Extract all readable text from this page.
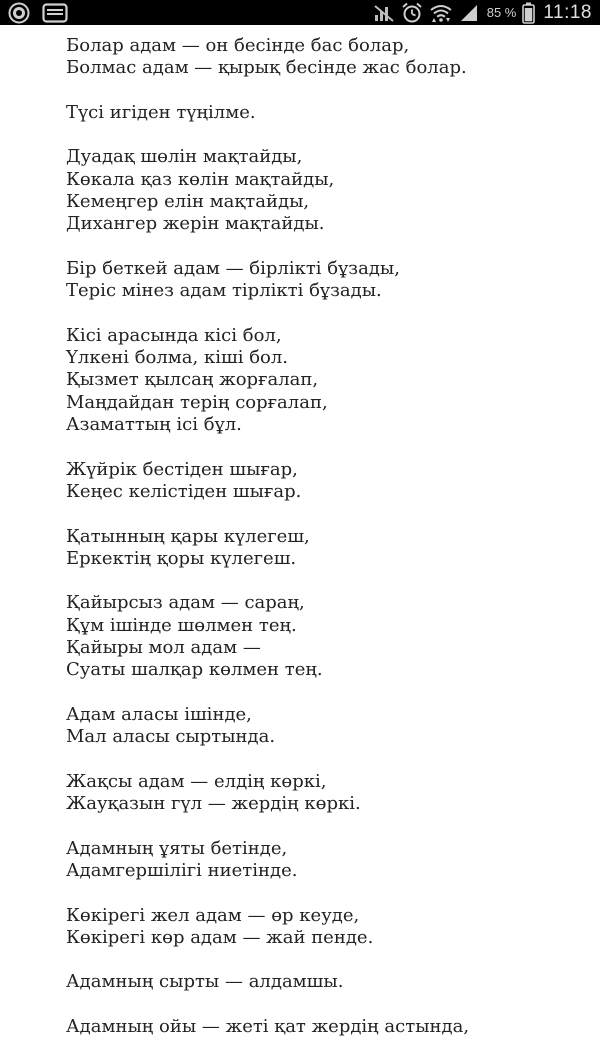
85 % 11:18
Болар адам — он бесінде бас болар,
Болмас адам — қырық бесінде жас болар.
Түсі игіден түңілме.
Дуадақ шөлін мақтайды,
Көкала қаз көлін мақтайды,
Кемеңгер елін мақтайды,
Дихангер жерін мақтайды.
Бір беткей адам — бірлікті бұзады,
Теріс мінез адам тірлікті бұзады.
Кісі арасында кісі бол,
Үлкені болма, кіші бол.
Қызмет қылсаң жорғалап,
Маңдайдан терің сорғалап,
Азаматтың ісі бұл.
Жүйрік бестіден шығар,
Кеңес келістіден шығар.
Қатынның қары күлегеш,
Еркектің қоры күлегеш.
Қайырсыз адам — сараң,
Құм ішінде шөлмен тең.
Қайыры мол адам —
Суаты шалқар көлмен тең.
Адам аласы ішінде,
Мал аласы сыртында.
Жақсы адам — елдің көркі,
Жауқазын гүл — жердің көркі.
Адамның ұяты бетінде,
Адамгершілігі ниетінде.
Көкірегі жел адам — өр кеуде,
Көкірегі көр адам — жай пенде.
Адамның сырты — алдамшы.
Адамның ойы — жеті қат жердің астында,
